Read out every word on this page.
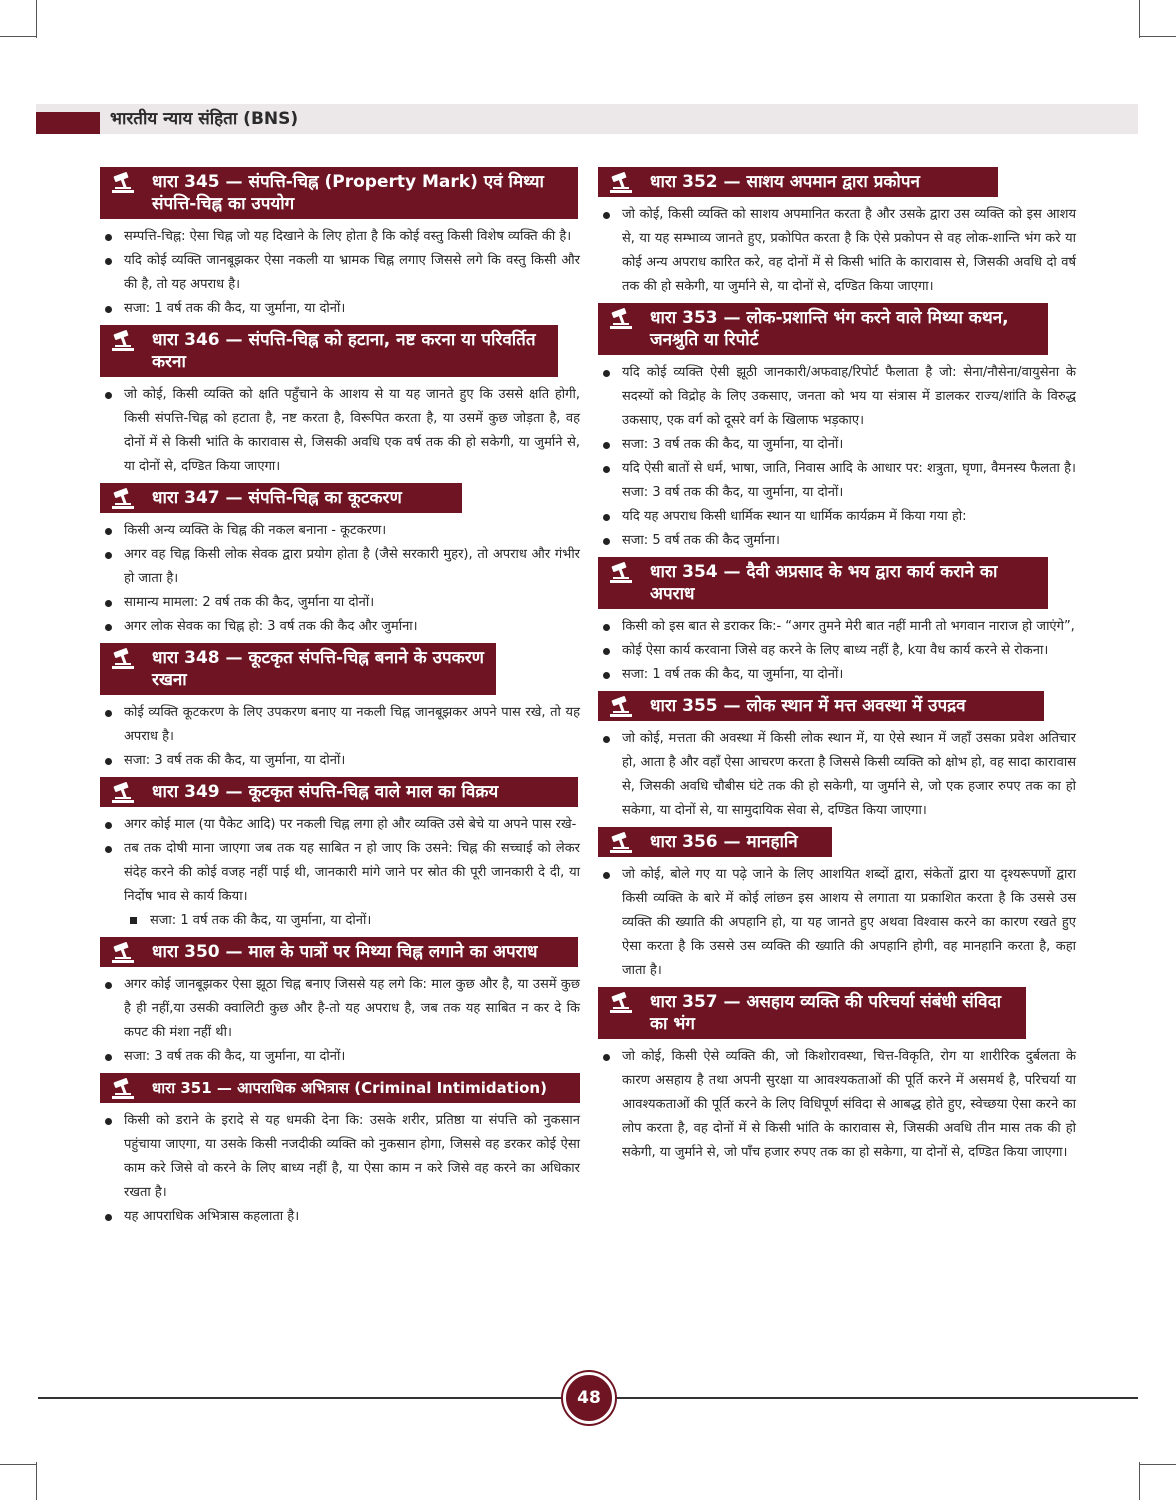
भारतीय न्याय संहिता (BNS)
धारा 345 — संपत्ति-चिह्न (Property Mark) एवं मिथ्या संपत्ति-चिह्न का उपयोग
सम्पत्ति-चिह्न: ऐसा चिह्न जो यह दिखाने के लिए होता है कि कोई वस्तु किसी विशेष व्यक्ति की है।
यदि कोई व्यक्ति जानबूझकर ऐसा नकली या भ्रामक चिह्न लगाए जिससे लगे कि वस्तु किसी और की है, तो यह अपराध है।
सजा: 1 वर्ष तक की कैद, या जुर्माना, या दोनों।
धारा 346 — संपत्ति-चिह्न को हटाना, नष्ट करना या परिवर्तित करना
जो कोई, किसी व्यक्ति को क्षति पहुँचाने के आशय से या यह जानते हुए कि उससे क्षति होगी, किसी संपत्ति-चिह्न को हटाता है, नष्ट करता है, विरूपित करता है, या उसमें कुछ जोड़ता है, वह दोनों में से किसी भांति के कारावास से, जिसकी अवधि एक वर्ष तक की हो सकेगी, या जुर्माने से, या दोनों से, दण्डित किया जाएगा।
धारा 347 — संपत्ति-चिह्न का कूटकरण
किसी अन्य व्यक्ति के चिह्न की नकल बनाना - कूटकरण।
अगर वह चिह्न किसी लोक सेवक द्वारा प्रयोग होता है (जैसे सरकारी मुहर), तो अपराध और गंभीर हो जाता है।
सामान्य मामला: 2 वर्ष तक की कैद, जुर्माना या दोनों।
अगर लोक सेवक का चिह्न हो: 3 वर्ष तक की कैद और जुर्माना।
धारा 348 — कूटकृत संपत्ति-चिह्न बनाने के उपकरण रखना
कोई व्यक्ति कूटकरण के लिए उपकरण बनाए या नकली चिह्न जानबूझकर अपने पास रखे, तो यह अपराध है।
सजा: 3 वर्ष तक की कैद, या जुर्माना, या दोनों।
धारा 349 — कूटकृत संपत्ति-चिह्न वाले माल का विक्रय
अगर कोई माल (या पैकेट आदि) पर नकली चिह्न लगा हो और व्यक्ति उसे बेचे या अपने पास रखे-
तब तक दोषी माना जाएगा जब तक यह साबित न हो जाए कि उसने: चिह्न की सच्चाई को लेकर संदेह करने की कोई वजह नहीं पाई थी, जानकारी मांगे जाने पर स्रोत की पूरी जानकारी दे दी, या निर्दोष भाव से कार्य किया।
सजा: 1 वर्ष तक की कैद, या जुर्माना, या दोनों।
धारा 350 — माल के पात्रों पर मिथ्या चिह्न लगाने का अपराध
अगर कोई जानबूझकर ऐसा झूठा चिह्न बनाए जिससे यह लगे कि: माल कुछ और है, या उसमें कुछ है ही नहीं,या उसकी क्वालिटी कुछ और है-तो यह अपराध है, जब तक यह साबित न कर दे कि कपट की मंशा नहीं थी।
सजा: 3 वर्ष तक की कैद, या जुर्माना, या दोनों।
धारा 351 — आपराधिक अभित्रास (Criminal Intimidation)
किसी को डराने के इरादे से यह धमकी देना कि: उसके शरीर, प्रतिष्ठा या संपत्ति को नुकसान पहुंचाया जाएगा, या उसके किसी नजदीकी व्यक्ति को नुकसान होगा, जिससे वह डरकर कोई ऐसा काम करे जिसे वो करने के लिए बाध्य नहीं है, या ऐसा काम न करे जिसे वह करने का अधिकार रखता है।
यह आपराधिक अभित्रास कहलाता है।
धारा 352 — साशय अपमान द्वारा प्रकोपन
जो कोई, किसी व्यक्ति को साशय अपमानित करता है और उसके द्वारा उस व्यक्ति को इस आशय से, या यह सम्भाव्य जानते हुए, प्रकोपित करता है कि ऐसे प्रकोपन से वह लोक-शान्ति भंग करे या कोई अन्य अपराध कारित करे, वह दोनों में से किसी भांति के कारावास से, जिसकी अवधि दो वर्ष तक की हो सकेगी, या जुर्माने से, या दोनों से, दण्डित किया जाएगा।
धारा 353 — लोक-प्रशान्ति भंग करने वाले मिथ्या कथन, जनश्रुति या रिपोर्ट
यदि कोई व्यक्ति ऐसी झूठी जानकारी/अफवाह/रिपोर्ट फैलाता है जो: सेना/नौसेना/वायुसेना के सदस्यों को विद्रोह के लिए उकसाए, जनता को भय या संत्रास में डालकर राज्य/शांति के विरुद्ध उकसाए, एक वर्ग को दूसरे वर्ग के खिलाफ भड़काए।
सजा: 3 वर्ष तक की कैद, या जुर्माना, या दोनों।
यदि ऐसी बातों से धर्म, भाषा, जाति, निवास आदि के आधार पर: शत्रुता, घृणा, वैमनस्य फैलता है। सजा: 3 वर्ष तक की कैद, या जुर्माना, या दोनों।
यदि यह अपराध किसी धार्मिक स्थान या धार्मिक कार्यक्रम में किया गया हो:
सजा: 5 वर्ष तक की कैद जुर्माना।
धारा 354 — दैवी अप्रसाद के भय द्वारा कार्य कराने का अपराध
किसी को इस बात से डराकर कि:- “अगर तुमने मेरी बात नहीं मानी तो भगवान नाराज हो जाएंगे”,
कोई ऐसा कार्य करवाना जिसे वह करने के लिए बाध्य नहीं है, kया वैध कार्य करने से रोकना।
सजा: 1 वर्ष तक की कैद, या जुर्माना, या दोनों।
धारा 355 — लोक स्थान में मत्त अवस्था में उपद्रव
जो कोई, मत्तता की अवस्था में किसी लोक स्थान में, या ऐसे स्थान में जहाँ उसका प्रवेश अतिचार हो, आता है और वहाँ ऐसा आचरण करता है जिससे किसी व्यक्ति को क्षोभ हो, वह सादा कारावास से, जिसकी अवधि चौबीस घंटे तक की हो सकेगी, या जुर्माने से, जो एक हजार रुपए तक का हो सकेगा, या दोनों से, या सामुदायिक सेवा से, दण्डित किया जाएगा।
धारा 356 — मानहानि
जो कोई, बोले गए या पढ़े जाने के लिए आशयित शब्दों द्वारा, संकेतों द्वारा या दृश्यरूपणों द्वारा किसी व्यक्ति के बारे में कोई लांछन इस आशय से लगाता या प्रकाशित करता है कि उससे उस व्यक्ति की ख्याति की अपहानि हो, या यह जानते हुए अथवा विश्वास करने का कारण रखते हुए ऐसा करता है कि उससे उस व्यक्ति की ख्याति की अपहानि होगी, वह मानहानि करता है, कहा जाता है।
धारा 357 — असहाय व्यक्ति की परिचर्या संबंधी संविदा का भंग
जो कोई, किसी ऐसे व्यक्ति की, जो किशोरावस्था, चित्त-विकृति, रोग या शारीरिक दुर्बलता के कारण असहाय है तथा अपनी सुरक्षा या आवश्यकताओं की पूर्ति करने में असमर्थ है, परिचर्या या आवश्यकताओं की पूर्ति करने के लिए विधिपूर्ण संविदा से आबद्ध होते हुए, स्वेच्छया ऐसा करने का लोप करता है, वह दोनों में से किसी भांति के कारावास से, जिसकी अवधि तीन मास तक की हो सकेगी, या जुर्माने से, जो पाँच हजार रुपए तक का हो सकेगा, या दोनों से, दण्डित किया जाएगा।
48
